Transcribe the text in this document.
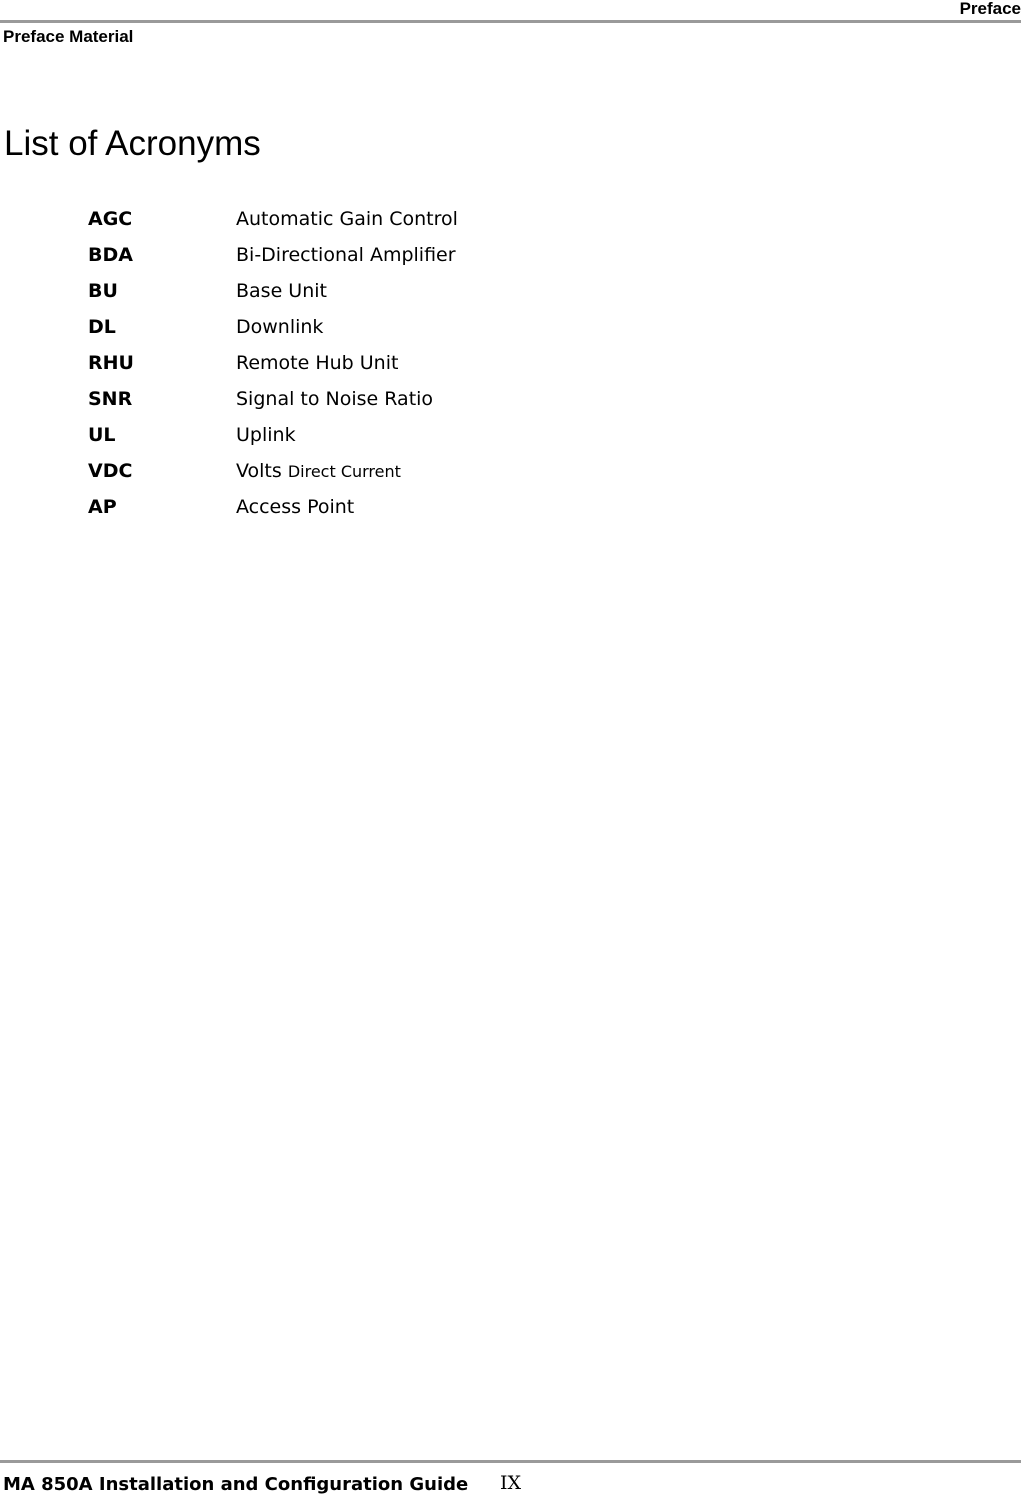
Preface
Preface Material
List of Acronyms
AGC	Automatic Gain Control
BDA	Bi-Directional Amplifier
BU	Base Unit
DL	Downlink
RHU	Remote Hub Unit
SNR	Signal to Noise Ratio
UL	Uplink
VDC	Volts Direct Current
AP	Access Point
MA 850A Installation and Configuration Guide IX
